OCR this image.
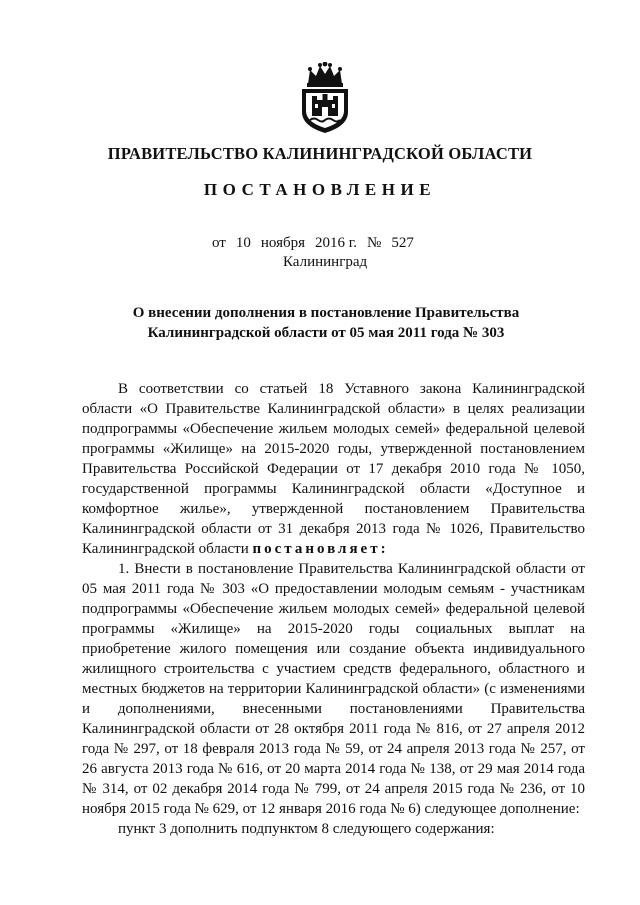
ПРАВИТЕЛЬСТВО КАЛИНИНГРАДСКОЙ ОБЛАСТИ
ПОСТАНОВЛЕНИЕ
от 10 ноября 2016 г. № 527
Калининград
О внесении дополнения в постановление Правительства
Калининградской области от 05 мая 2011 года № 303

В соответствии со статьей 18 Уставного закона Калининградской области «О Правительстве Калининградской области» в целях реализации подпрограммы «Обеспечение жильем молодых семей» федеральной целевой программы «Жилище» на 2015-2020 годы, утвержденной постановлением Правительства Российской Федерации от 17 декабря 2010 года № 1050, государственной программы Калининградской области «Доступное и комфортное жилье», утвержденной постановлением Правительства Калининградской области от 31 декабря 2013 года № 1026, Правительство Калининградской области постановляет:

1. Внести в постановление Правительства Калининградской области от 05 мая 2011 года № 303 «О предоставлении молодым семьям - участникам подпрограммы «Обеспечение жильем молодых семей» федеральной целевой программы «Жилище» на 2015-2020 годы социальных выплат на приобретение жилого помещения или создание объекта индивидуального жилищного строительства с участием средств федерального, областного и местных бюджетов на территории Калининградской области» (с изменениями и дополнениями, внесенными постановлениями Правительства Калининградской области от 28 октября 2011 года № 816, от 27 апреля 2012 года № 297, от 18 февраля 2013 года № 59, от 24 апреля 2013 года № 257, от 26 августа 2013 года № 616, от 20 марта 2014 года № 138, от 29 мая 2014 года № 314, от 02 декабря 2014 года № 799, от 24 апреля 2015 года № 236, от 10 ноября 2015 года № 629, от 12 января 2016 года № 6) следующее дополнение:

пункт 3 дополнить подпунктом 8 следующего содержания:
